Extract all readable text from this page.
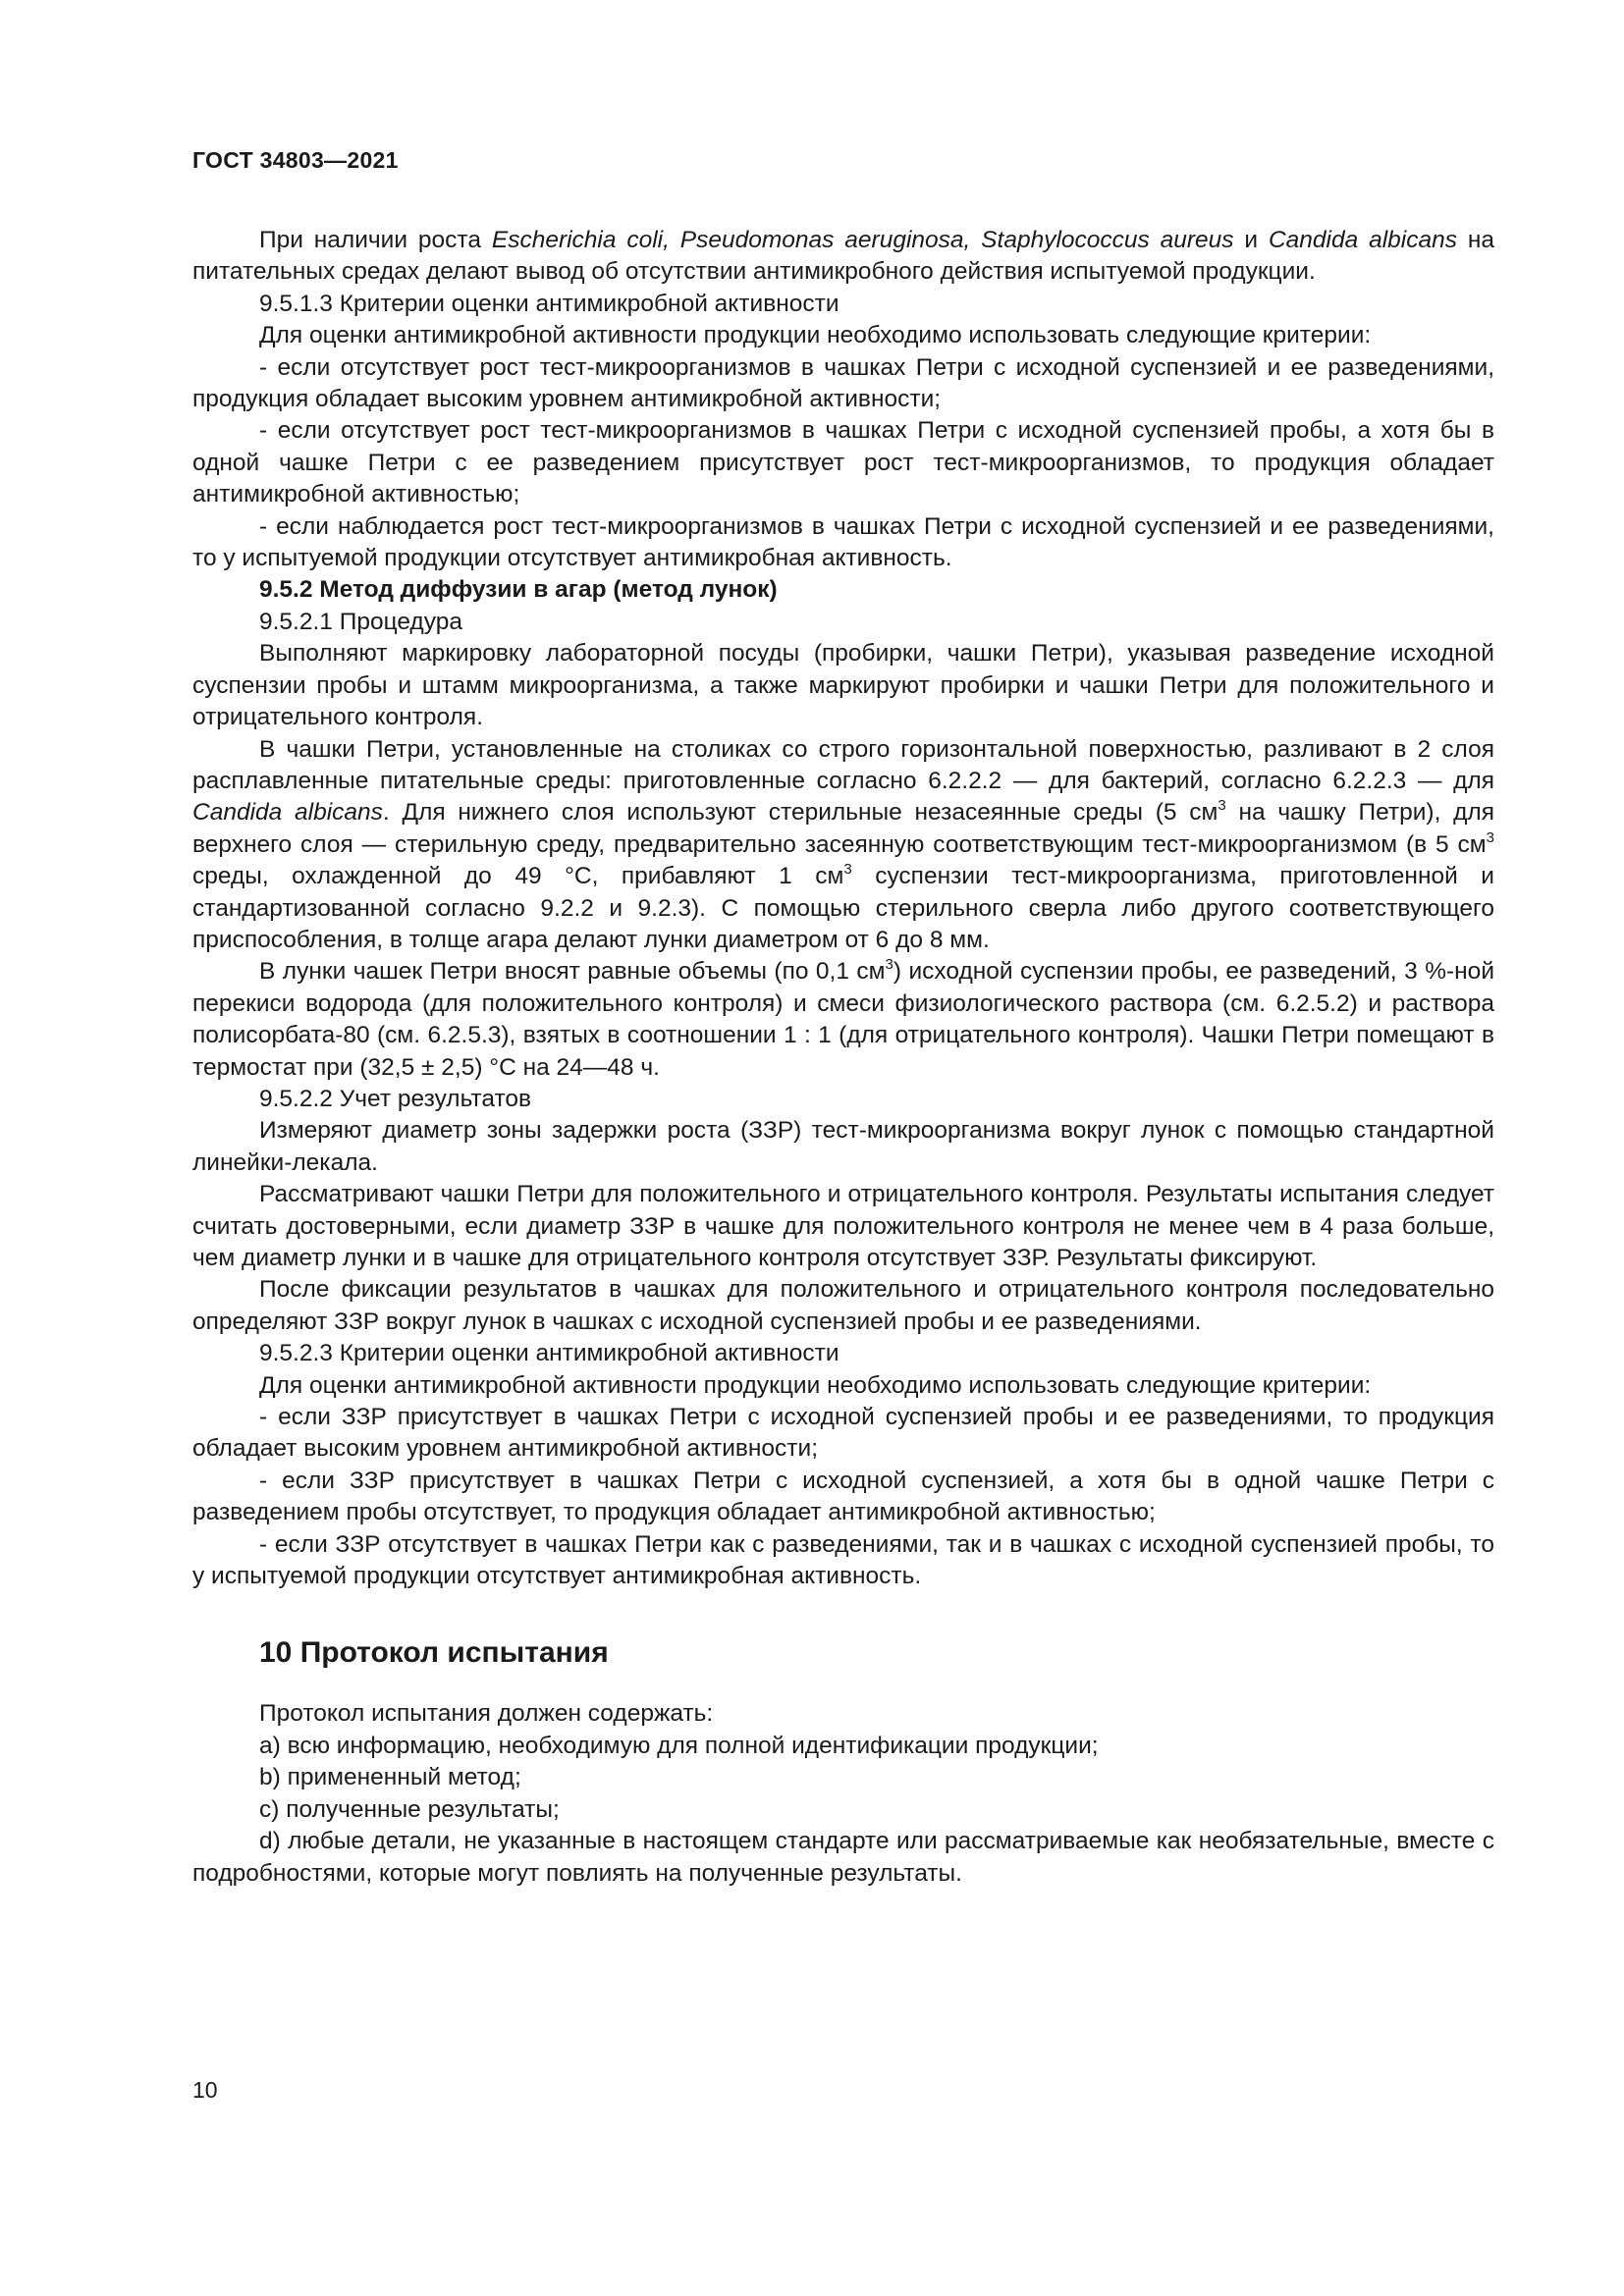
ГОСТ 34803—2021

При наличии роста Escherichia coli, Pseudomonas aeruginosa, Staphylococcus aureus и Candida albicans на питательных средах делают вывод об отсутствии антимикробного действия испытуемой продукции.

9.5.1.3 Критерии оценки антимикробной активности

Для оценки антимикробной активности продукции необходимо использовать следующие критерии:

- если отсутствует рост тест-микроорганизмов в чашках Петри с исходной суспензией и ее разведениями, продукция обладает высоким уровнем антимикробной активности;

- если отсутствует рост тест-микроорганизмов в чашках Петри с исходной суспензией пробы, а хотя бы в одной чашке Петри с ее разведением присутствует рост тест-микроорганизмов, то продукция обладает антимикробной активностью;

- если наблюдается рост тест-микроорганизмов в чашках Петри с исходной суспензией и ее разведениями, то у испытуемой продукции отсутствует антимикробная активность.

9.5.2 Метод диффузии в агар (метод лунок)

9.5.2.1 Процедура

Выполняют маркировку лабораторной посуды (пробирки, чашки Петри), указывая разведение исходной суспензии пробы и штамм микроорганизма, а также маркируют пробирки и чашки Петри для положительного и отрицательного контроля.

В чашки Петри, установленные на столиках со строго горизонтальной поверхностью, разливают в 2 слоя расплавленные питательные среды: приготовленные согласно 6.2.2.2 — для бактерий, согласно 6.2.2.3 — для Candida albicans. Для нижнего слоя используют стерильные незасеянные среды (5 $см^3$ на чашку Петри), для верхнего слоя — стерильную среду, предварительно засеянную соответствующим тест-микроорганизмом (в 5 $см^3$ среды, охлажденной до 49 °С, прибавляют 1 $см^3$ суспензии тест-микроорганизма, приготовленной и стандартизованной согласно 9.2.2 и 9.2.3). С помощью стерильного сверла либо другого соответствующего приспособления, в толще агара делают лунки диаметром от 6 до 8 мм.

В лунки чашек Петри вносят равные объемы (по 0,1 $см^3$) исходной суспензии пробы, ее разведений, 3 %-ной перекиси водорода (для положительного контроля) и смеси физиологического раствора (см. 6.2.5.2) и раствора полисорбата-80 (см. 6.2.5.3), взятых в соотношении 1 : 1 (для отрицательного контроля). Чашки Петри помещают в термостат при (32,5 ± 2,5) °С на 24—48 ч.

9.5.2.2 Учет результатов

Измеряют диаметр зоны задержки роста (ЗЗР) тест-микроорганизма вокруг лунок с помощью стандартной линейки-лекала.

Рассматривают чашки Петри для положительного и отрицательного контроля. Результаты испытания следует считать достоверными, если диаметр ЗЗР в чашке для положительного контроля не менее чем в 4 раза больше, чем диаметр лунки и в чашке для отрицательного контроля отсутствует ЗЗР. Результаты фиксируют.

После фиксации результатов в чашках для положительного и отрицательного контроля последовательно определяют ЗЗР вокруг лунок в чашках с исходной суспензией пробы и ее разведениями.

9.5.2.3 Критерии оценки антимикробной активности

Для оценки антимикробной активности продукции необходимо использовать следующие критерии:

- если ЗЗР присутствует в чашках Петри с исходной суспензией пробы и ее разведениями, то продукция обладает высоким уровнем антимикробной активности;

- если ЗЗР присутствует в чашках Петри с исходной суспензией, а хотя бы в одной чашке Петри с разведением пробы отсутствует, то продукция обладает антимикробной активностью;

- если ЗЗР отсутствует в чашках Петри как с разведениями, так и в чашках с исходной суспензией пробы, то у испытуемой продукции отсутствует антимикробная активность.

10 Протокол испытания

Протокол испытания должен содержать:

a) всю информацию, необходимую для полной идентификации продукции;

b) примененный метод;

c) полученные результаты;

d) любые детали, не указанные в настоящем стандарте или рассматриваемые как необязательные, вместе с подробностями, которые могут повлиять на полученные результаты.

10
